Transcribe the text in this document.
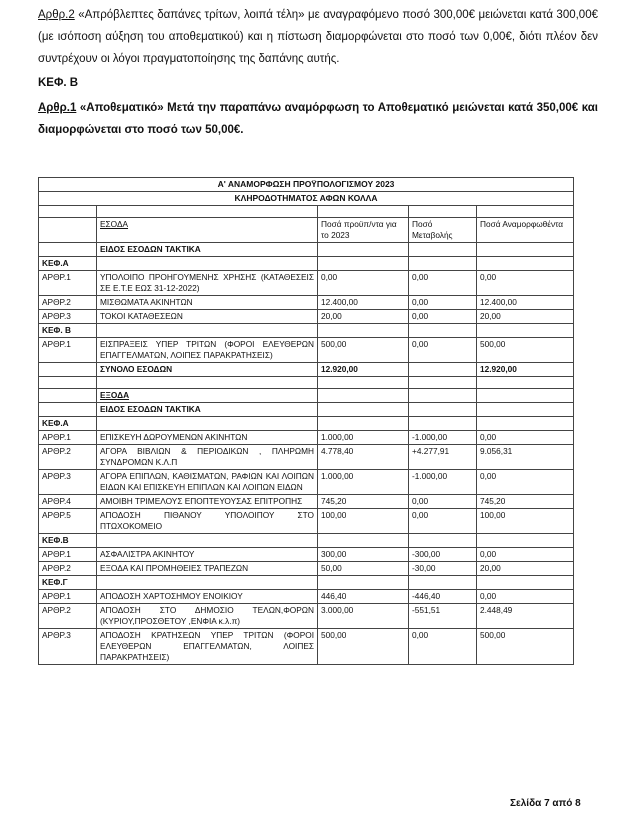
Αρθρ.2 «Απρόβλεπτες δαπάνες τρίτων, λοιπά τέλη» με αναγραφόμενο ποσό 300,00€ μειώνεται κατά 300,00€ (με ισόποση αύξηση του αποθεματικού) και η πίστωση διαμορφώνεται στο ποσό των 0,00€, διότι πλέον δεν συντρέχουν οι λόγοι πραγματοποίησης της δαπάνης αυτής.
ΚΕΦ. Β
Αρθρ.1 «Αποθεματικό» Μετά την παραπάνω αναμόρφωση το Αποθεματικό μειώνεται κατά 350,00€ και διαμορφώνεται στο ποσό των 50,00€.
Α' ΑΝΑΜΟΡΦΩΣΗ ΠΡΟΫΠΟΛΟΓΙΣΜΟΥ 2023				
ΚΛΗΡΟΔΟΤΗΜΑΤΟΣ ΑΦΩΝ ΚΟΛΛΑ				

	ΕΣΟΔΑ	Ποσά προϋπ/ντα για το 2023	Ποσό Μεταβολής	Ποσά Αναμορφωθέντα
	ΕΙΔΟΣ ΕΣΟΔΩΝ ΤΑΚΤΙΚΑ			
ΚΕΦ.Α				
ΑΡΘΡ.1	ΥΠΟΛΟΙΠΟ ΠΡΟΗΓΟΥΜΕΝΗΣ ΧΡΗΣΗΣ (ΚΑΤΑΘΕΣΕΙΣ ΣΕ Ε.Τ.Ε ΕΩΣ 31-12-2022)	0,00	0,00	0,00
ΑΡΘΡ.2	ΜΙΣΘΩΜΑΤΑ ΑΚΙΝΗΤΩΝ	12.400,00	0,00	12.400,00
ΑΡΘΡ.3	ΤΟΚΟΙ ΚΑΤΑΘΕΣΕΩΝ	20,00	0,00	20,00
ΚΕΦ. Β				
ΑΡΘΡ.1	ΕΙΣΠΡΑΞΕΙΣ ΥΠΕΡ ΤΡΙΤΩΝ (ΦΟΡΟΙ ΕΛΕΥΘΕΡΩΝ ΕΠΑΓΓΕΛΜΑΤΩΝ, ΛΟΙΠΕΣ ΠΑΡΑΚΡΑΤΗΣΕΙΣ)	500,00	0,00	500,00
	ΣΥΝΟΛΟ ΕΣΟΔΩΝ	12.920,00		12.920,00

	ΕΞΟΔΑ			
	ΕΙΔΟΣ ΕΣΟΔΩΝ ΤΑΚΤΙΚΑ			
ΚΕΦ.Α				
ΑΡΘΡ.1	ΕΠΙΣΚΕΥΗ ΔΩΡΟΥΜΕΝΩΝ ΑΚΙΝΗΤΩΝ	1.000,00	-1.000,00	0,00
ΑΡΘΡ.2	ΑΓΟΡΑ ΒΙΒΛΙΩΝ & ΠΕΡΙΟΔΙΚΩΝ , ΠΛΗΡΩΜΗ ΣΥΝΔΡΟΜΩΝ Κ.Λ.Π	4.778,40	+4.277,91	9.056,31
ΑΡΘΡ.3	ΑΓΟΡΑ ΕΠΙΠΛΩΝ, ΚΑΘΙΣΜΑΤΩΝ, ΡΑΦΙΩΝ ΚΑΙ ΛΟΙΠΩΝ ΕΙΔΩΝ ΚΑΙ ΕΠΙΣΚΕΥΗ ΕΠΙΠΛΩΝ ΚΑΙ ΛΟΙΠΩΝ ΕΙΔΩΝ	1.000,00	-1.000,00	0,00
ΑΡΘΡ.4	ΑΜΟΙΒΗ ΤΡΙΜΕΛΟΥΣ ΕΠΟΠΤΕΥΟΥΣΑΣ ΕΠΙΤΡΟΠΗΣ	745,20	0,00	745,20
ΑΡΘΡ.5	ΑΠΟΔΟΣΗ ΠΙΘΑΝΟΥ ΥΠΟΛΟΙΠΟΥ ΣΤΟ ΠΤΩΧΟΚΟΜΕΙΟ	100,00	0,00	100,00
ΚΕΦ.Β				
ΑΡΘΡ.1	ΑΣΦΑΛΙΣΤΡΑ ΑΚΙΝΗΤΟΥ	300,00	-300,00	0,00
ΑΡΘΡ.2	ΕΞΟΔΑ ΚΑΙ ΠΡΟΜΗΘΕΙΕΣ ΤΡΑΠΕΖΩΝ	50,00	-30,00	20,00
ΚΕΦ.Γ				
ΑΡΘΡ.1	ΑΠΟΔΟΣΗ ΧΑΡΤΟΣΗΜΟΥ ΕΝΟΙΚΙΟΥ	446,40	-446,40	0,00
ΑΡΘΡ.2	ΑΠΟΔΟΣΗ ΣΤΟ ΔΗΜΟΣΙΟ ΤΕΛΩΝ,ΦΟΡΩΝ (ΚΥΡΙΟΥ,ΠΡΟΣΘΕΤΟΥ ,ΕΝΦΙΑ κ.λ.π)	3.000,00	-551,51	2.448,49
ΑΡΘΡ.3	ΑΠΟΔΟΣΗ ΚΡΑΤΗΣΕΩΝ ΥΠΕΡ ΤΡΙΤΩΝ (ΦΟΡΟΙ ΕΛΕΥΘΕΡΩΝ ΕΠΑΓΓΕΛΜΑΤΩΝ, ΛΟΙΠΕΣ ΠΑΡΑΚΡΑΤΗΣΕΙΣ)	500,00	0,00	500,00
Σελίδα 7 από 8
